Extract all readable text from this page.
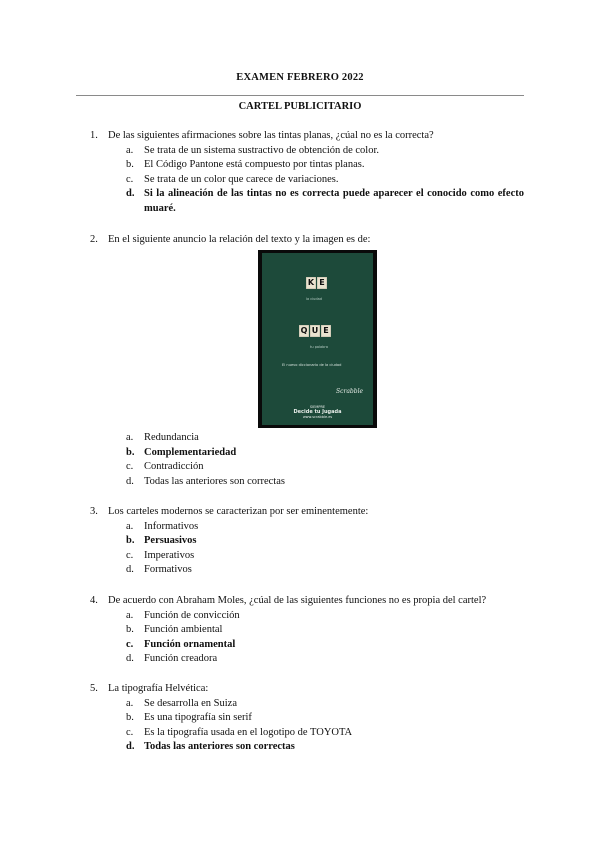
EXAMEN FEBRERO 2022
CARTEL PUBLICITARIO
1. De las siguientes afirmaciones sobre las tintas planas, ¿cúal no es la correcta?
a. Se trata de un sistema sustractivo de obtención de color.
b. El Código Pantone está compuesto por tintas planas.
c. Se trata de un color que carece de variaciones.
d. Si la alineación de las tintas no es correcta puede aparecer el conocido como efecto muaré.
2. En el siguiente anuncio la relación del texto y la imagen es de:
K E
la ciudad
Q U E
tu palabra
El nuevo diccionario de la ciudad
Scrabble
SIEMPRE
Decide tu Jugada
www.scrabble.es
a. Redundancia
b. Complementariedad
c. Contradicción
d. Todas las anteriores son correctas
3. Los carteles modernos se caracterizan por ser eminentemente:
a. Informativos
b. Persuasivos
c. Imperativos
d. Formativos
4. De acuerdo con Abraham Moles, ¿cúal de las siguientes funciones no es propia del cartel?
a. Función de convicción
b. Función ambiental
c. Función ornamental
d. Función creadora
5. La tipografía Helvética:
a. Se desarrolla en Suiza
b. Es una tipografía sin serif
c. Es la tipografía usada en el logotipo de TOYOTA
d. Todas las anteriores son correctas
